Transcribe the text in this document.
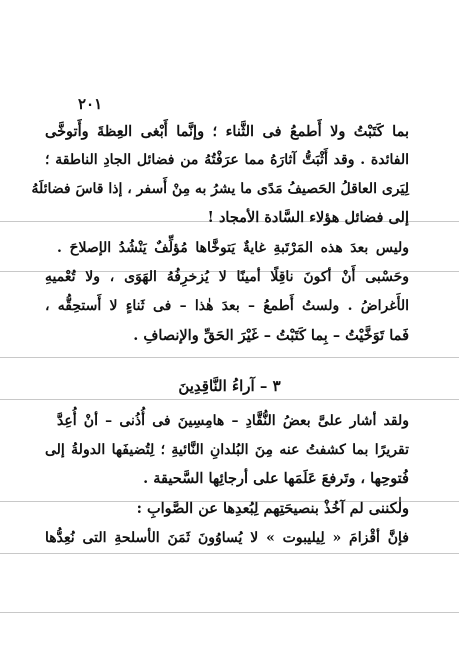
٢٠١
بما كَتَبْتُ ولا أَطمعُ فى الثَّناء ؛ وإنَّما أَبْغى العِظةَ وأَتوخَّى
الفائدة . وقد أَثْبَتُّ آثارَهُ مما عرَفْتُهُ من فضائل الجادِ الناطقة ؛
لِيَرى العاقلُ الحَصيفُ مَدًى ما يشرُ به مِنْ أَسفر ، إذا قاسَ فضائلَهُ
إلى فضائل هؤلاء السَّادة الأمجاد !
وليس بعدَ هذه المَرْتَبةِ غايةٌ يَتوخَّاها مُؤلِّفٌ يَنْشُدُ الإصلاحَ .
وحَسْبى أَنْ أكونَ ناقِلًا أمينًا لا يُزخرِفُهُ الهَوَى ، ولا تُعْميهِ
الأَغراضُ . ولستُ أَطمعُ – بعدَ هٰذا – فى ثَناءٍ لا أَستحِقُّه ،
فَما تَوَخَّيْتُ – بِما كَتَبْتُ – غَيْرَ الحَقِّ والإنصافِ .
٣ – آراءُ النَّاقِدِينَ
ولقد أشار علىَّ بعضُ النُّقَّادِ – هامِسِينَ فى أُذُنى – أنْ أُعِدَّ
تقريرًا بما كشفتُ عنه مِنَ البُلدانِ النَّائيةِ ؛ لِتُضيفَها الدولةُ إلى
فُتوحِها ، وتَرفعَ عَلَمَها على أرجائِها السَّحيقة .
ولٰكننى لم آخُذْ بنصيحَتِهم لِبُعدِها عن الصَّوابِ :
فإنَّ أقْزامَ « لِيليبوت » لا يُساوُونَ ثَمَنَ الأسلحةِ التى نُعِدُّها
